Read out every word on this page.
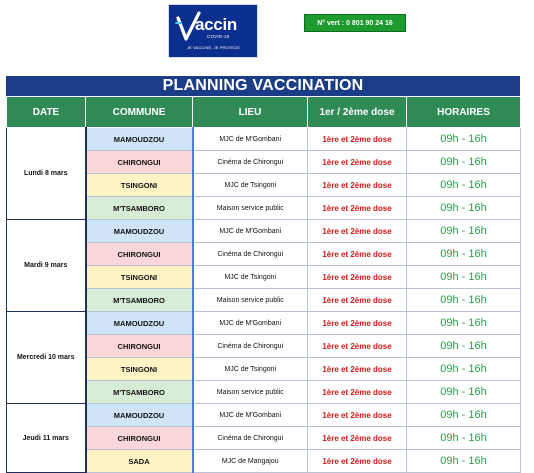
accin
COVID-19
JE VACCINE, JE PROTEGE
N° vert : 0 801 90 24 16
PLANNING VACCINATION
DATE	COMMUNE	LIEU	1er / 2ème dose	HORAIRES
Lundi 8 mars	MAMOUDZOU	MJC de M'Gombani	1ère et 2ème dose	09h - 16h
	CHIRONGUI	Cinéma de Chirongui	1ère et 2ème dose	09h - 16h
	TSINGONI	MJC de Tsingoni	1ère et 2ème dose	09h - 16h
	M'TSAMBORO	Maison service public	1ère et 2ème dose	09h - 16h
Mardi 9 mars	MAMOUDZOU	MJC de M'Gombani	1ère et 2ème dose	09h - 16h
	CHIRONGUI	Cinéma de Chirongui	1ère et 2ème dose	09h - 16h
	TSINGONI	MJC de Tsingoni	1ère et 2ème dose	09h - 16h
	M'TSAMBORO	Maison service public	1ère et 2ème dose	09h - 16h
Mercredi 10 mars	MAMOUDZOU	MJC de M'Gombani	1ère et 2ème dose	09h - 16h
	CHIRONGUI	Cinéma de Chirongui	1ère et 2ème dose	09h - 16h
	TSINGONI	MJC de Tsingoni	1ère et 2ème dose	09h - 16h
	M'TSAMBORO	Maison service public	1ère et 2ème dose	09h - 16h
Jeudi 11 mars	MAMOUDZOU	MJC de M'Gombani	1ère et 2ème dose	09h - 16h
	CHIRONGUI	Cinéma de Chirongui	1ère et 2ème dose	09h - 16h
	SADA	MJC de Mangajou	1ère et 2ème dose	09h - 16h
